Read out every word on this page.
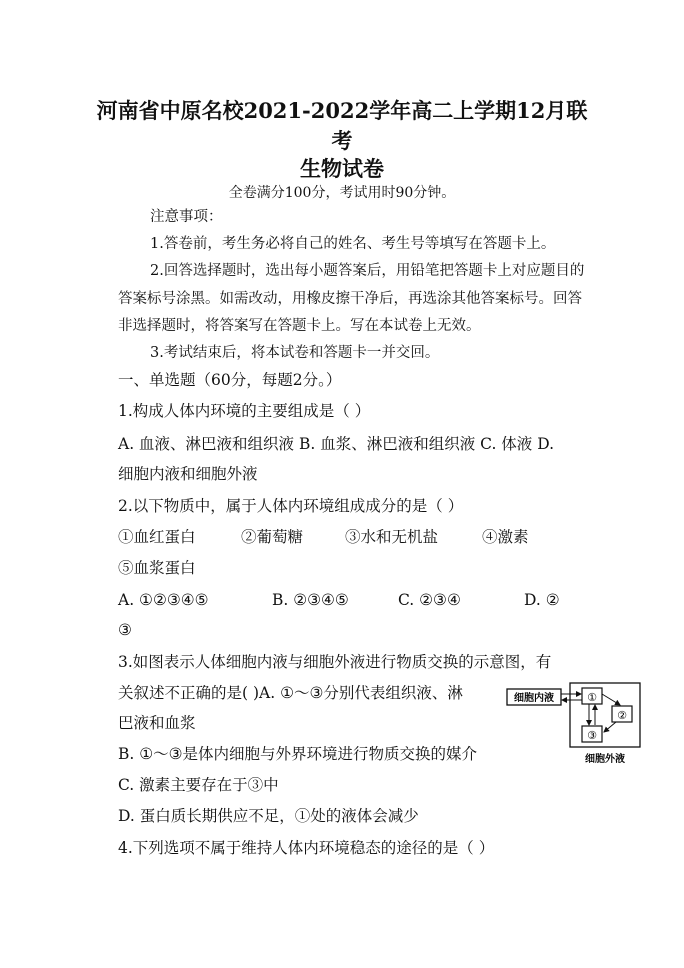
河南省中原名校2021-2022学年高二上学期12月联
考
生物试卷
全卷满分100分，考试用时90分钟。
注意事项：
1.答卷前，考生务必将自己的姓名、考生号等填写在答题卡上。
2.回答选择题时，选出每小题答案后，用铅笔把答题卡上对应题目的
答案标号涂黑。如需改动，用橡皮擦干净后，再选涂其他答案标号。回答
非选择题时，将答案写在答题卡上。写在本试卷上无效。
3.考试结束后，将本试卷和答题卡一并交回。
一、单选题（60分，每题2分。）
1.构成人体内环境的主要组成是（ ）
A. 血液、淋巴液和组织液 B. 血浆、淋巴液和组织液 C. 体液 D.
细胞内液和细胞外液
2.以下物质中，属于人体内环境组成成分的是（ ）
①血红蛋白	②葡萄糖	③水和无机盐	④激素
⑤血浆蛋白
A. ①②③④⑤	B. ②③④⑤	C. ②③④	D. ②
③
3.如图表示人体细胞内液与细胞外液进行物质交换的示意图，有
关叙述不正确的是( )A. ①～③分别代表组织液、淋
巴液和血浆
B. ①～③是体内细胞与外界环境进行物质交换的媒介
C. 激素主要存在于③中
D. 蛋白质长期供应不足，①处的液体会减少
细胞内液	①
②
③
细胞外液
4.下列选项不属于维持人体内环境稳态的途径的是（ ）
